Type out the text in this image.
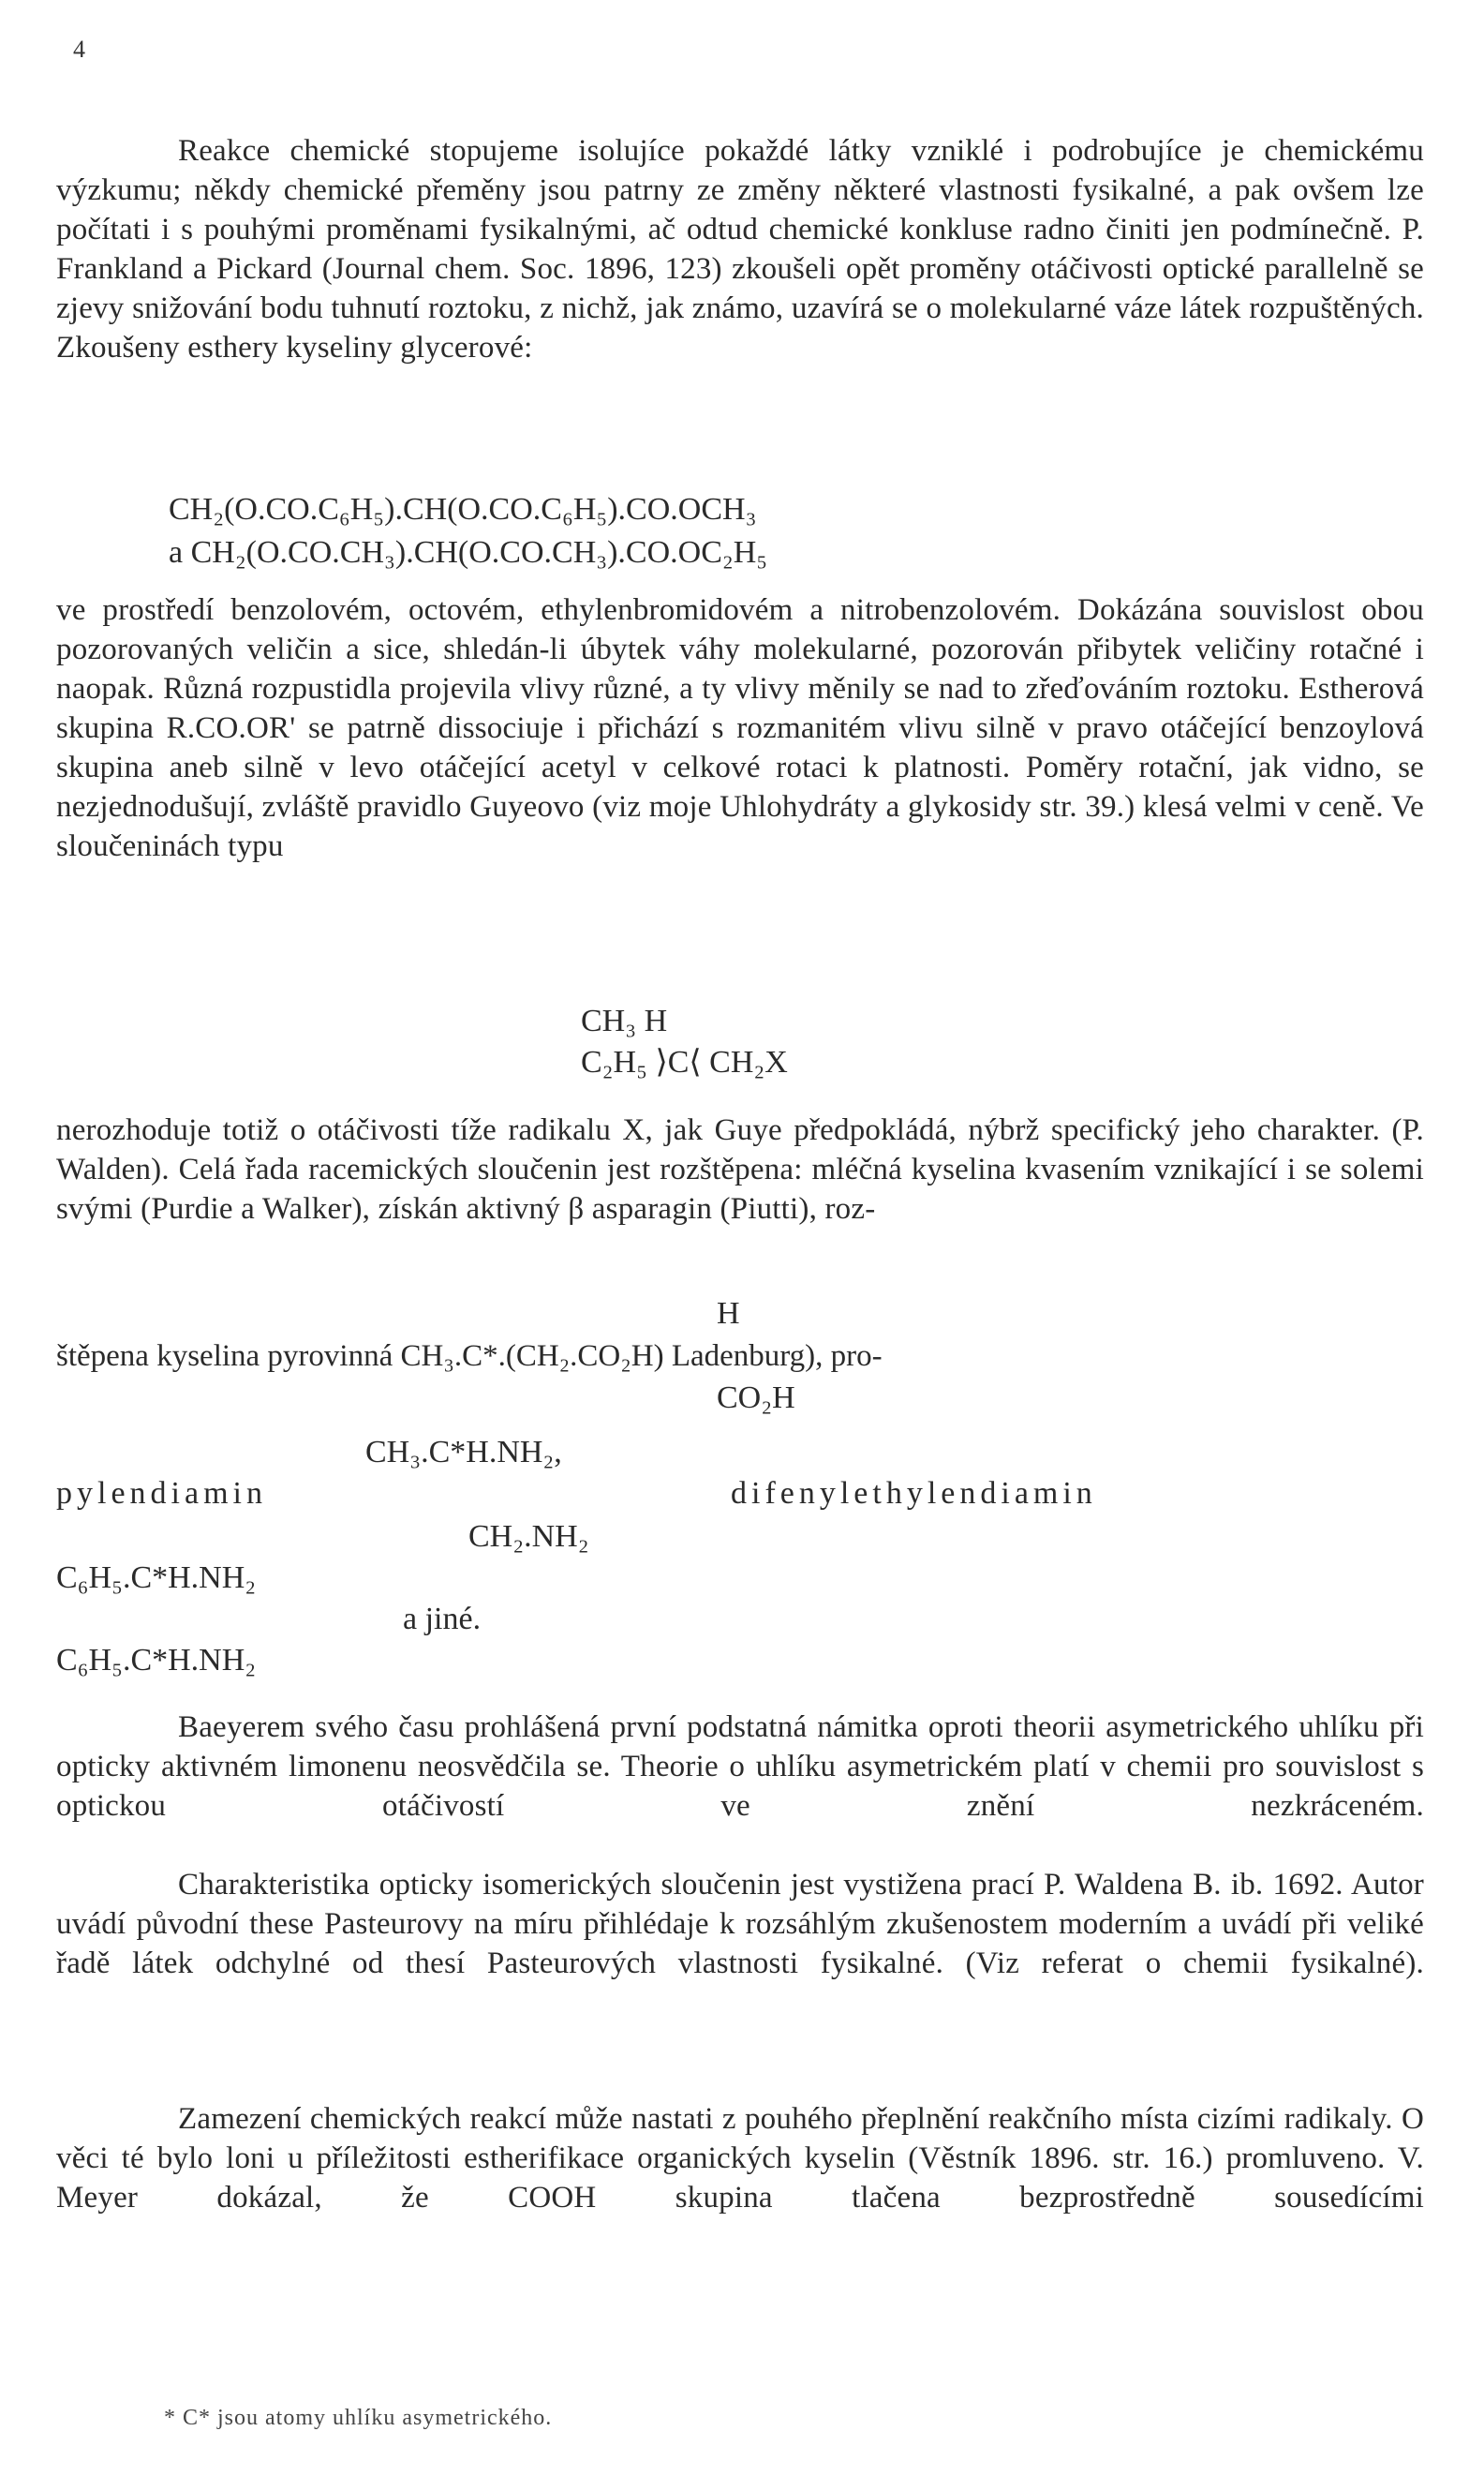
4

Reakce chemické stopujeme isolujíce pokaždé látky vzniklé i podrobujíce je chemickému výzkumu; někdy chemické přeměny jsou patrny ze změny některé vlastnosti fysikalné, a pak ovšem lze počítati i s pouhými proměnami fysikalnými, ač odtud chemické konkluse radno činiti jen podmínečně. P. Frankland a Pickard (Journal chem. Soc. 1896, 123) zkoušeli opět proměny otáčivosti optické parallelně se zjevy snižování bodu tuhnutí roztoku, z nichž, jak známo, uzavírá se o molekularné váze látek rozpuštěných. Zkoušeny esthery kyseliny glycerové:

CH₂(O.CO.C₆H₅).CH(O.CO.C₆H₅).CO.OCH₃
a CH₂(O.CO.CH₃).CH(O.CO.CH₃).CO.OC₂H₅

ve prostředí benzolovém, octovém, ethylenbromidovém a nitrobenzolovém. Dokázána souvislost obou pozorovaných veličin a sice, shledán-li úbytek váhy molekularné, pozorován přibytek veličiny rotačné i naopak. Různá rozpustidla projevila vlivy různé, a ty vlivy měnily se nad to zřeďováním roztoku. Estherová skupina R.CO.OR' se patrně dissociuje i přichází s rozmanitém vlivu silně v pravo otáčející benzoylová skupina aneb silně v levo otáčející acetyl v celkové rotaci k platnosti. Poměry rotační, jak vidno, se nezjednodušují, zvláště pravidlo Guyeovo (viz moje Uhlohydráty a glykosidy str. 39.) klesá velmi v ceně. Ve sloučeninách typu

CH₃ H
C₂H₅ ⟩C⟨ CH₂X

nerozhoduje totiž o otáčivosti tíže radikalu X, jak Guye předpokládá, nýbrž specifický jeho charakter. (P. Walden). Celá řada racemických sloučenin jest rozštěpena: mléčná kyselina kvasením vznikající i se solemi svými (Purdie a Walker), získán aktivný β asparagin (Piutti), roz-

H
štěpena kyselina pyrovinná CH₃.C*.(CH₂.CO₂H) Ladenburg), pro-
CO₂H
CH₃.C*H.NH₂,
pylendiamin	difenylethylendiamin
CH₂.NH₂
C₆H₅.C*H.NH₂
a jiné.
C₆H₅.C*H.NH₂

Baeyerem svého času prohlášená první podstatná námitka oproti theorii asymetrického uhlíku při opticky aktivném limonenu neosvědčila se. Theorie o uhlíku asymetrickém platí v chemii pro souvislost s optickou otáčivostí ve znění nezkráceném.

Charakteristika opticky isomerických sloučenin jest vystižena prací P. Waldena B. ib. 1692. Autor uvádí původní these Pasteurovy na míru přihlédaje k rozsáhlým zkušenostem moderním a uvádí při veliké řadě látek odchylné od thesí Pasteurových vlastnosti fysikalné. (Viz referat o chemii fysikalné).

Zamezení chemických reakcí může nastati z pouhého přeplnění reakčního místa cizími radikaly. O věci té bylo loni u příležitosti estherifikace organických kyselin (Věstník 1896. str. 16.) promluveno. V. Meyer dokázal, že COOH skupina tlačena bezprostředně sousedícími

* C* jsou atomy uhlíku asymetrického.
